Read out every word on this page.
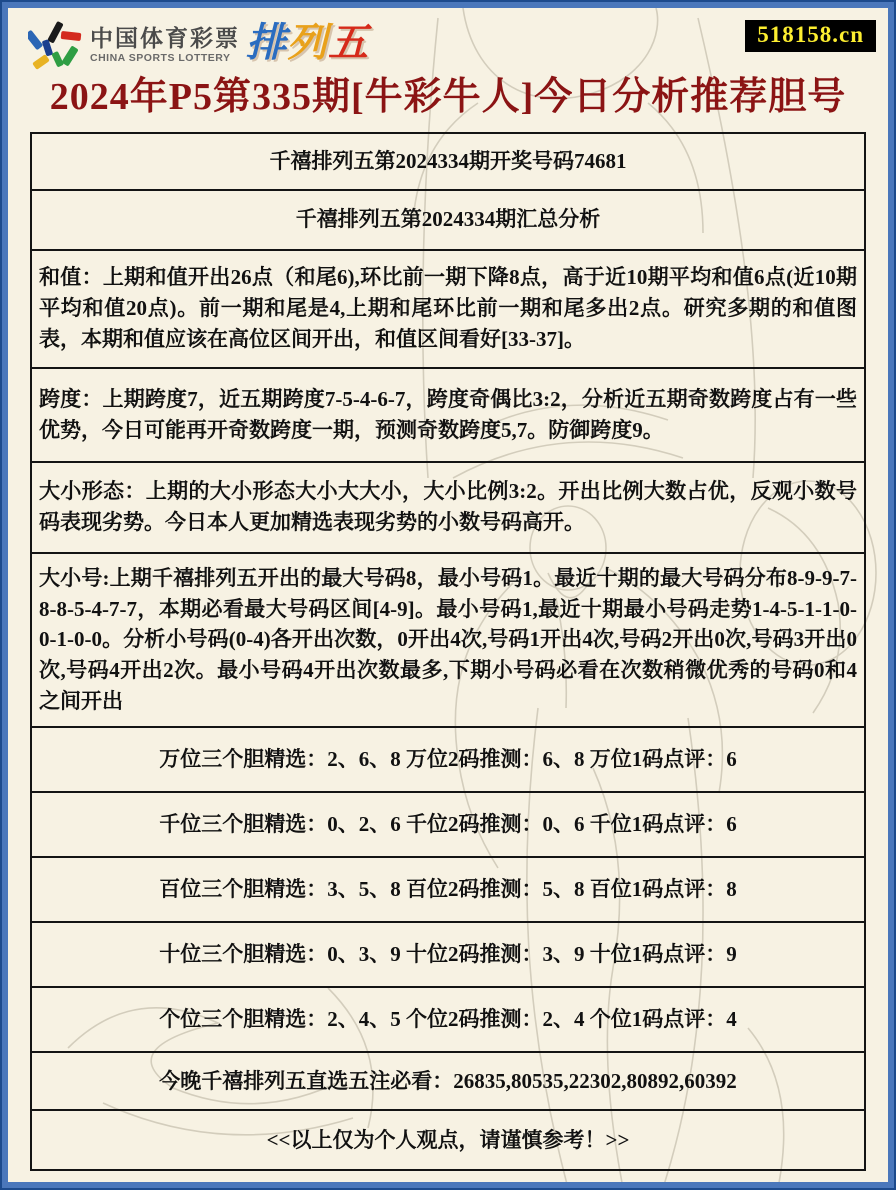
中国体育彩票
CHINA SPORTS LOTTERY 排列五	518158.cn
2024年P5第335期[牛彩牛人]今日分析推荐胆号
千禧排列五第2024334期开奖号码74681
千禧排列五第2024334期汇总分析
和值：上期和值开出26点（和尾6),环比前一期下降8点，高于近10期平均和值6点(近10期平均和值20点)。前一期和尾是4,上期和尾环比前一期和尾多出2点。研究多期的和值图表，本期和值应该在高位区间开出，和值区间看好[33-37]。
跨度：上期跨度7，近五期跨度7-5-4-6-7，跨度奇偶比3:2，分析近五期奇数跨度占有一些优势，今日可能再开奇数跨度一期，预测奇数跨度5,7。防御跨度9。
大小形态：上期的大小形态大小大大小，大小比例3:2。开出比例大数占优，反观小数号码表现劣势。今日本人更加精选表现劣势的小数号码高开。
大小号:上期千禧排列五开出的最大号码8，最小号码1。最近十期的最大号码分布8-9-9-7-8-8-5-4-7-7，本期必看最大号码区间[4-9]。最小号码1,最近十期最小号码走势1-4-5-1-1-0-0-1-0-0。分析小号码(0-4)各开出次数，0开出4次,号码1开出4次,号码2开出0次,号码3开出0次,号码4开出2次。最小号码4开出次数最多,下期小号码必看在次数稍微优秀的号码0和4之间开出
万位三个胆精选：2、6、8 万位2码推测：6、8 万位1码点评：6
千位三个胆精选：0、2、6 千位2码推测：0、6 千位1码点评：6
百位三个胆精选：3、5、8 百位2码推测：5、8 百位1码点评：8
十位三个胆精选：0、3、9 十位2码推测：3、9 十位1码点评：9
个位三个胆精选：2、4、5 个位2码推测：2、4 个位1码点评：4
今晚千禧排列五直选五注必看：26835,80535,22302,80892,60392
<<以上仅为个人观点，请谨慎参考！>>
